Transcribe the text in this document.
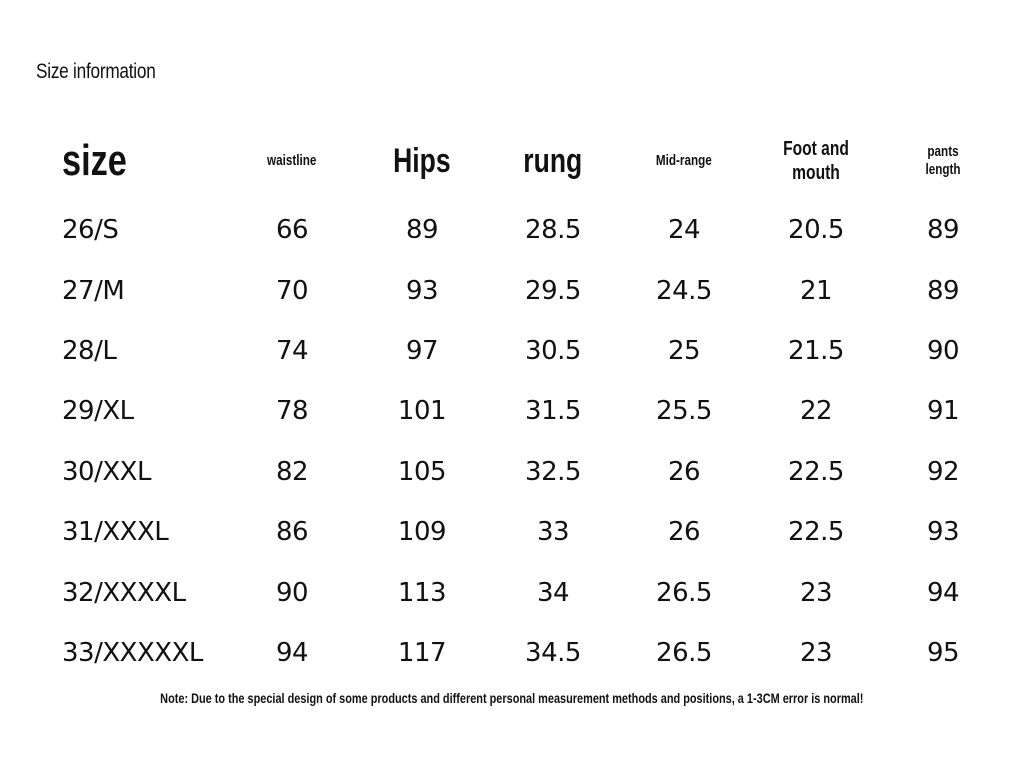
Size information
size	waistline	Hips	rung	Mid-range	Foot and mouth	pants length
26/S	66	89	28.5	24	20.5	89
27/M	70	93	29.5	24.5	21	89
28/L	74	97	30.5	25	21.5	90
29/XL	78	101	31.5	25.5	22	91
30/XXL	82	105	32.5	26	22.5	92
31/XXXL	86	109	33	26	22.5	93
32/XXXXL	90	113	34	26.5	23	94
33/XXXXXL	94	117	34.5	26.5	23	95
Note: Due to the special design of some products and different personal measurement methods and positions, a 1-3CM error is normal!
